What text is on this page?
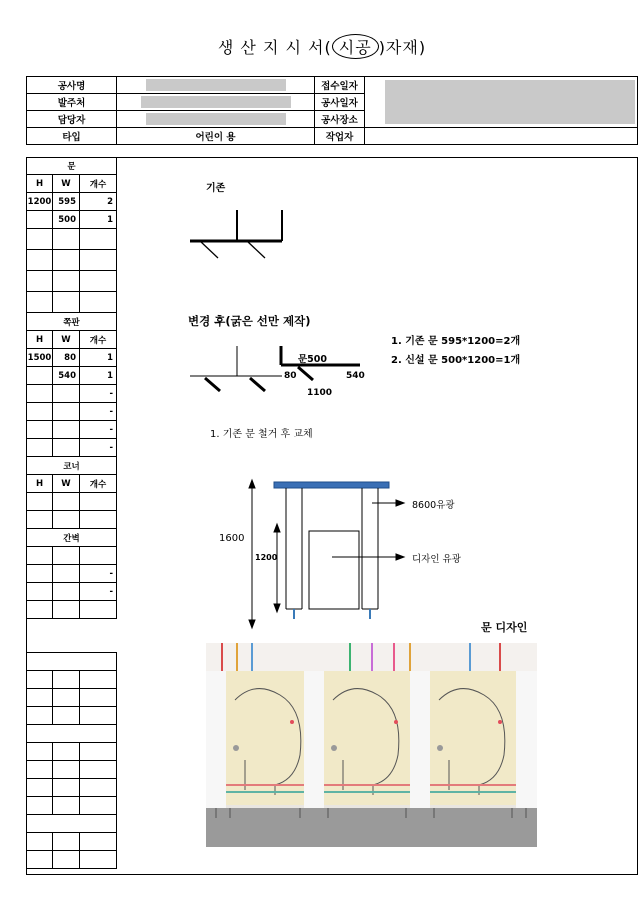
생 산 지 시 서( 시공 )자재)
공사명		접수일자	
발주처		공사일자	
담당자		공사장소	
타입	어린이 용	작업자	
문		
H	W	개수
1200	595	2
	500	1

쪽판		
H	W	개수
1500	80	1
	540	1
		-
		-
		-
		-
코너		
H	W	개수

간벽		

		-
		-

기존
변경 후(굵은 선만 제작)
문500
80	540
1100
1. 기존 문 595*1200=2개
2. 신설 문 500*1200=1개
1. 기존 문 철거 후 교체
1600
1200
8600유광
디자인 유광
문 디자인
